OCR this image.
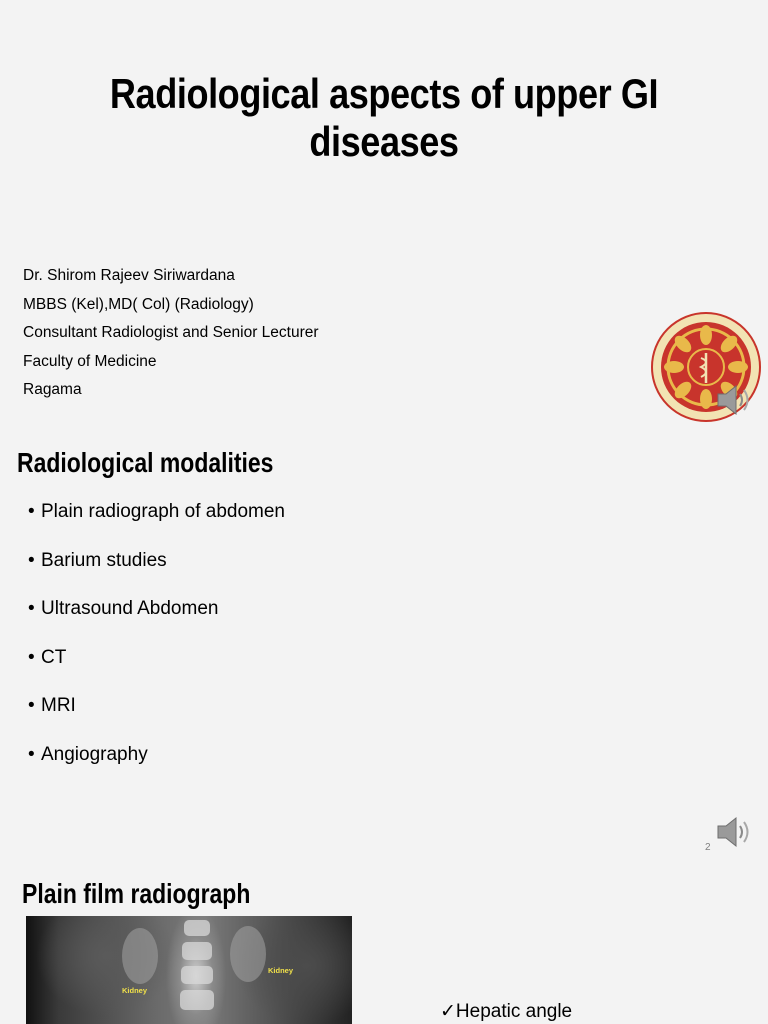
Radiological aspects of upper GI
diseases
Dr. Shirom Rajeev Siriwardana
MBBS (Kel),MD( Col) (Radiology)
Consultant Radiologist and Senior Lecturer
Faculty of Medicine
Ragama
Radiological modalities
• Plain radiograph of abdomen
• Barium studies
• Ultrasound Abdomen
• CT
• MRI
• Angiography
2
Plain film radiograph
Kidney
Kidney
✓Hepatic angle
